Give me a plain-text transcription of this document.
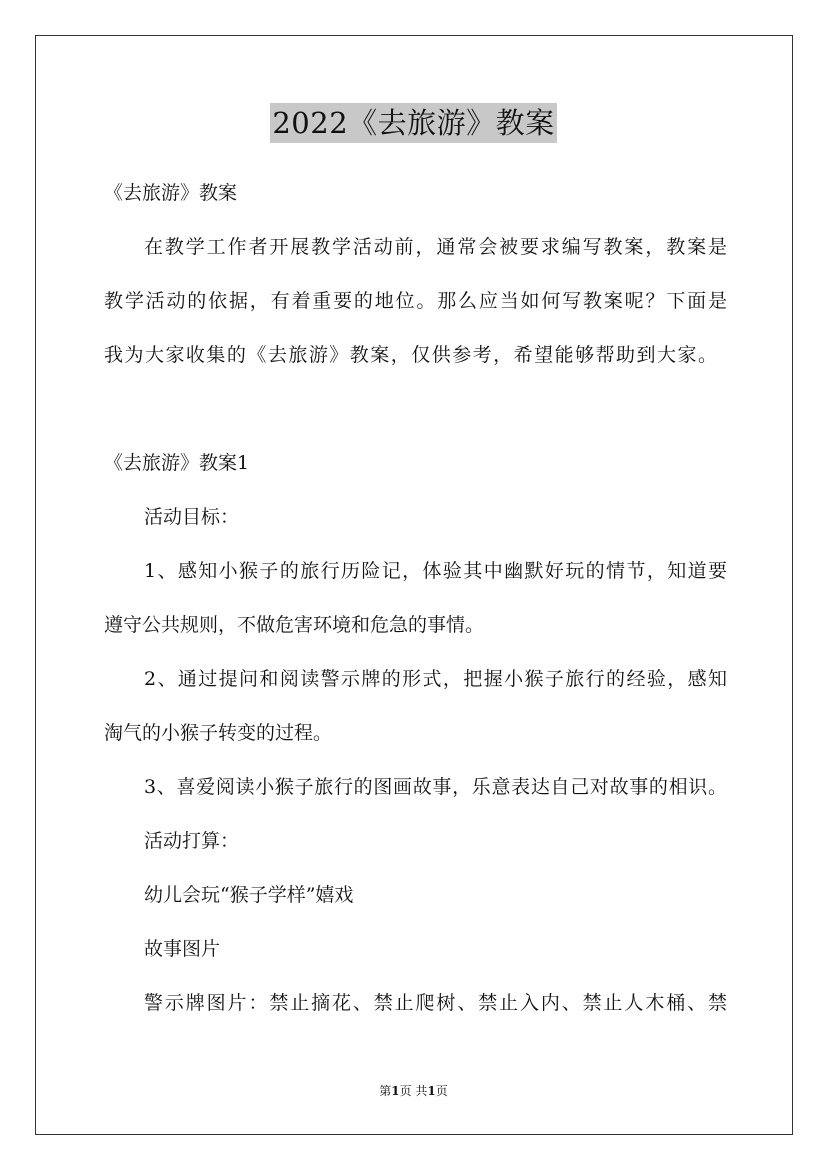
2022《去旅游》教案
《去旅游》教案
在教学工作者开展教学活动前，通常会被要求编写教案，教案是
教学活动的依据，有着重要的地位。那么应当如何写教案呢？下面是
我为大家收集的《去旅游》教案，仅供参考，希望能够帮助到大家。
《去旅游》教案1
活动目标：
1、感知小猴子的旅行历险记，体验其中幽默好玩的情节，知道要
遵守公共规则，不做危害环境和危急的事情。
2、通过提问和阅读警示牌的形式，把握小猴子旅行的经验，感知
淘气的小猴子转变的过程。
3、喜爱阅读小猴子旅行的图画故事，乐意表达自己对故事的相识。
活动打算：
幼儿会玩“猴子学样”嬉戏
故事图片
警示牌图片：禁止摘花、禁止爬树、禁止入内、禁止人木桶、禁
第1页 共1页
